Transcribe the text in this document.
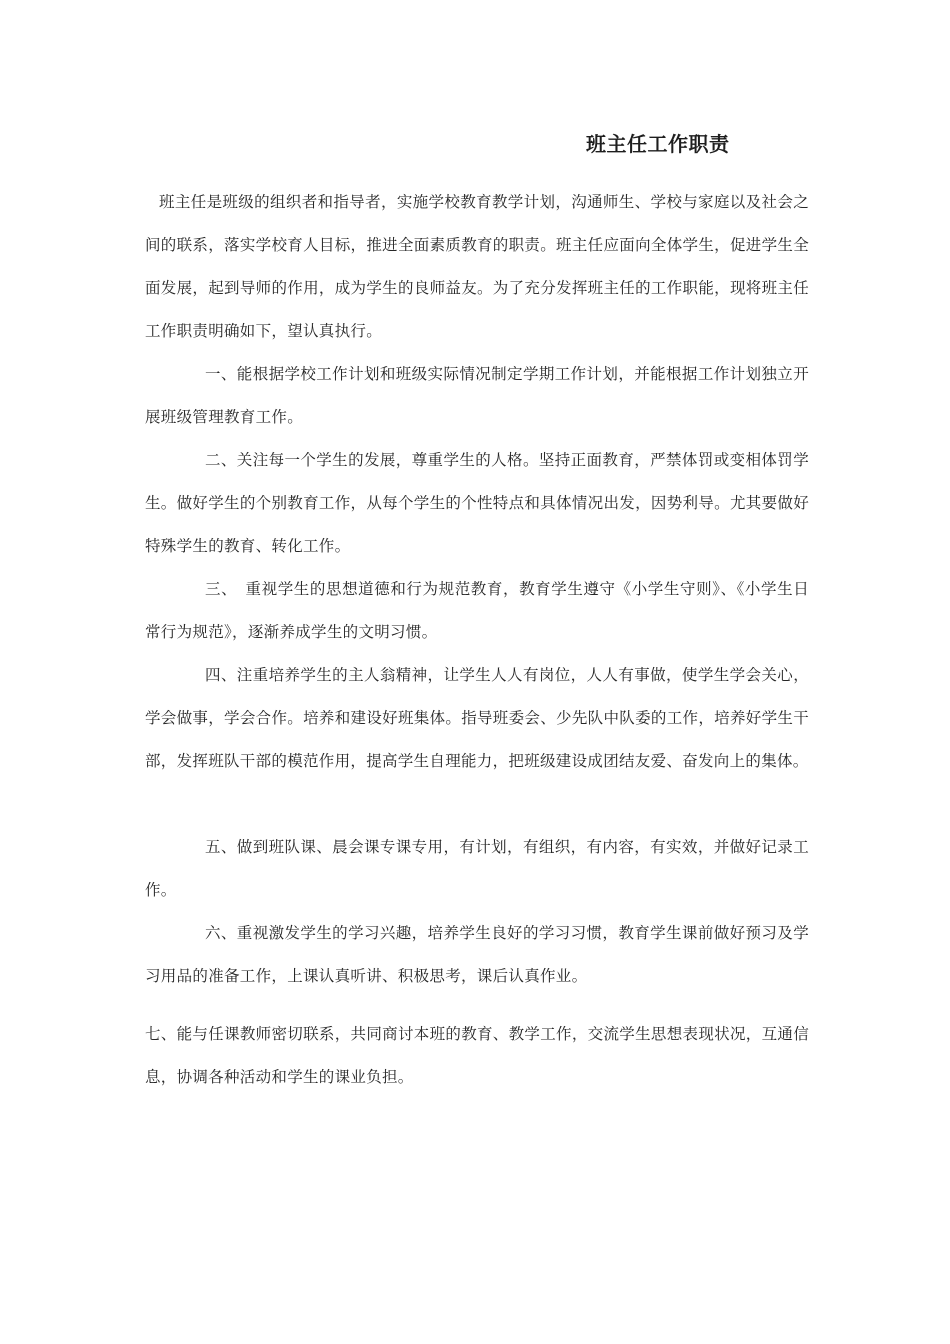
班主任工作职责

班主任是班级的组织者和指导者，实施学校教育教学计划，沟通师生、学校与家庭以及社会之间的联系，落实学校育人目标，推进全面素质教育的职责。班主任应面向全体学生，促进学生全面发展，起到导师的作用，成为学生的良师益友。为了充分发挥班主任的工作职能，现将班主任工作职责明确如下，望认真执行。

一、能根据学校工作计划和班级实际情况制定学期工作计划，并能根据工作计划独立开展班级管理教育工作。

二、关注每一个学生的发展，尊重学生的人格。坚持正面教育，严禁体罚或变相体罚学生。做好学生的个别教育工作，从每个学生的个性特点和具体情况出发，因势利导。尤其要做好特殊学生的教育、转化工作。

三、　重视学生的思想道德和行为规范教育，教育学生遵守《小学生守则》、《小学生日常行为规范》，逐渐养成学生的文明习惯。

四、注重培养学生的主人翁精神，让学生人人有岗位，人人有事做，使学生学会关心，学会做事，学会合作。培养和建设好班集体。指导班委会、少先队中队委的工作，培养好学生干部，发挥班队干部的模范作用，提高学生自理能力，把班级建设成团结友爱、奋发向上的集体。

五、做到班队课、晨会课专课专用，有计划，有组织，有内容，有实效，并做好记录工作。

六、重视激发学生的学习兴趣，培养学生良好的学习习惯，教育学生课前做好预习及学习用品的准备工作，上课认真听讲、积极思考，课后认真作业。

七、能与任课教师密切联系，共同商讨本班的教育、教学工作，交流学生思想表现状况，互通信息，协调各种活动和学生的课业负担。
